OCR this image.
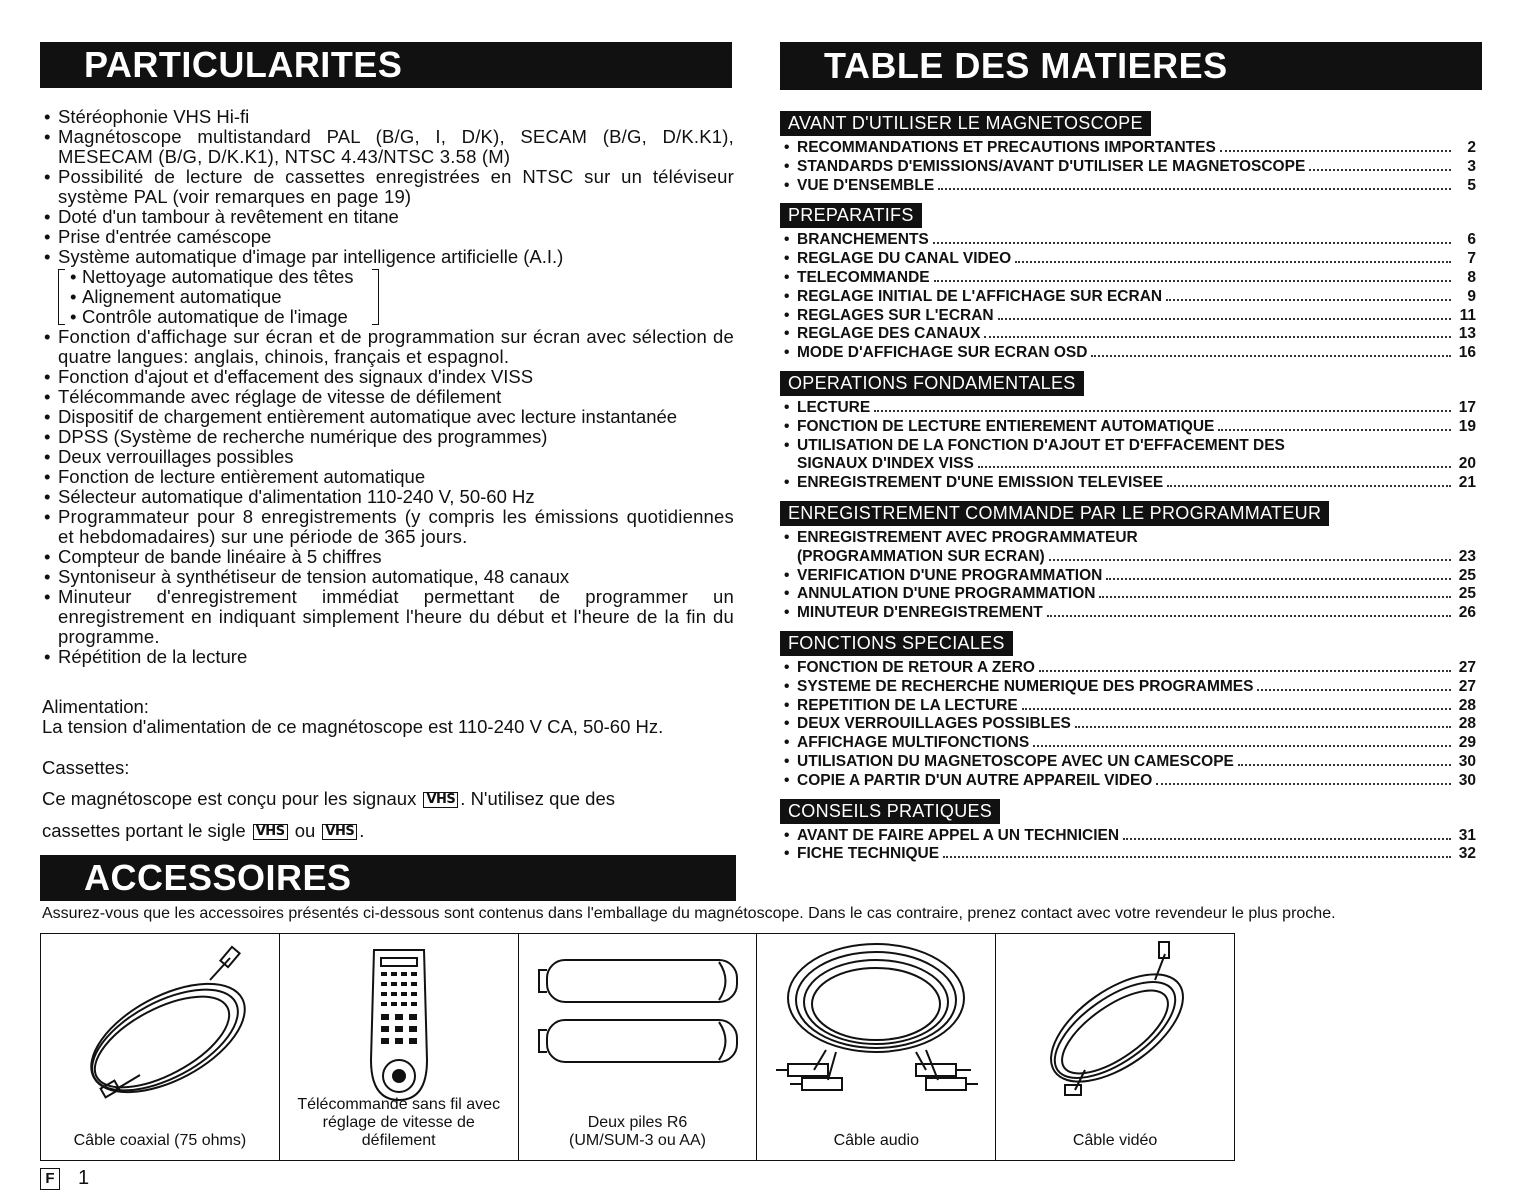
PARTICULARITES	TABLE DES MATIERES
ACCESSOIRES
• Stéréophonie VHS Hi-fi
• Magnétoscope multistandard PAL (B/G, I, D/K), SECAM (B/G, D/K.K1), MESECAM (B/G, D/K.K1), NTSC 4.43/NTSC 3.58 (M)
• Possibilité de lecture de cassettes enregistrées en NTSC sur un téléviseur système PAL (voir remarques en page 19)
• Doté d'un tambour à revêtement en titane
• Prise d'entrée caméscope
• Système automatique d'image par intelligence artificielle (A.I.)
• Nettoyage automatique des têtes
• Alignement automatique
• Contrôle automatique de l'image
• Fonction d'affichage sur écran et de programmation sur écran avec sélection de quatre langues: anglais, chinois, français et espagnol.
• Fonction d'ajout et d'effacement des signaux d'index VISS
• Télécommande avec réglage de vitesse de défilement
• Dispositif de chargement entièrement automatique avec lecture instantanée
• DPSS (Système de recherche numérique des programmes)
• Deux verrouillages possibles
• Fonction de lecture entièrement automatique
• Sélecteur automatique d'alimentation 110-240 V, 50-60 Hz
• Programmateur pour 8 enregistrements (y compris les émissions quotidiennes et hebdomadaires) sur une période de 365 jours.
• Compteur de bande linéaire à 5 chiffres
• Syntoniseur à synthétiseur de tension automatique, 48 canaux
• Minuteur d'enregistrement immédiat permettant de programmer un enregistrement en indiquant simplement l'heure du début et l'heure de la fin du programme.
• Répétition de la lecture
Alimentation:
La tension d'alimentation de ce magnétoscope est 110-240 V CA, 50-60 Hz.
Cassettes:
Ce magnétoscope est conçu pour les signaux VHS . N'utilisez que des
cassettes portant le sigle VHS ou VHS .
AVANT D'UTILISER LE MAGNETOSCOPE
• RECOMMANDATIONS ET PRECAUTIONS IMPORTANTES	2
• STANDARDS D'EMISSIONS/AVANT D'UTILISER LE MAGNETOSCOPE	3
• VUE D'ENSEMBLE	5
PREPARATIFS
• BRANCHEMENTS	6
• REGLAGE DU CANAL VIDEO	7
• TELECOMMANDE	8
• REGLAGE INITIAL DE L'AFFICHAGE SUR ECRAN	9
• REGLAGES SUR L'ECRAN	11
• REGLAGE DES CANAUX	13
• MODE D'AFFICHAGE SUR ECRAN OSD	16
OPERATIONS FONDAMENTALES
• LECTURE	17
• FONCTION DE LECTURE ENTIEREMENT AUTOMATIQUE	19
• UTILISATION DE LA FONCTION D'AJOUT ET D'EFFACEMENT DES
SIGNAUX D'INDEX VISS	20
• ENREGISTREMENT D'UNE EMISSION TELEVISEE	21
ENREGISTREMENT COMMANDE PAR LE PROGRAMMATEUR
• ENREGISTREMENT AVEC PROGRAMMATEUR
(PROGRAMMATION SUR ECRAN)	23
• VERIFICATION D'UNE PROGRAMMATION	25
• ANNULATION D'UNE PROGRAMMATION	25
• MINUTEUR D'ENREGISTREMENT	26
FONCTIONS SPECIALES
• FONCTION DE RETOUR A ZERO	27
• SYSTEME DE RECHERCHE NUMERIQUE DES PROGRAMMES	27
• REPETITION DE LA LECTURE	28
• DEUX VERROUILLAGES POSSIBLES	28
• AFFICHAGE MULTIFONCTIONS	29
• UTILISATION DU MAGNETOSCOPE AVEC UN CAMESCOPE	30
• COPIE A PARTIR D'UN AUTRE APPAREIL VIDEO	30
CONSEILS PRATIQUES
• AVANT DE FAIRE APPEL A UN TECHNICIEN	31
• FICHE TECHNIQUE	32
Assurez-vous que les accessoires présentés ci-dessous sont contenus dans l'emballage du magnétoscope. Dans le cas contraire, prenez contact avec votre revendeur le plus proche.
Câble coaxial (75 ohms)
Télécommande sans fil avec
réglage de vitesse de
défilement
Deux piles R6
(UM/SUM-3 ou AA)	Câble audio	Câble vidéo
F 1
